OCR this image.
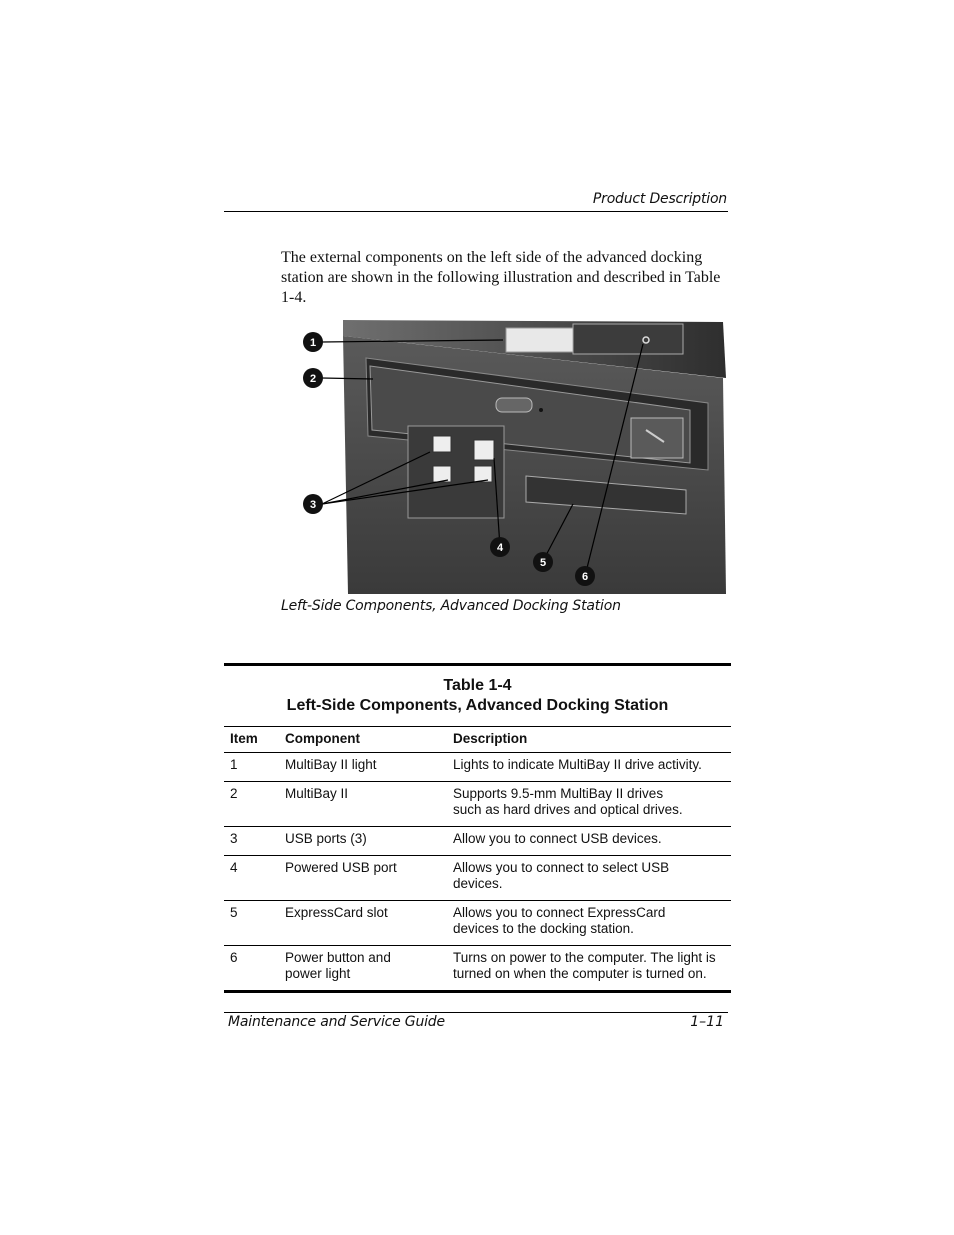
Product Description

The external components on the left side of the advanced docking station are shown in the following illustration and described in Table 1-4.

1
2
3
4
5
6
Left-Side Components, Advanced Docking Station
Table 1-4
Left-Side Components, Advanced Docking Station
Item	Component	Description
1	MultiBay II light	Lights to indicate MultiBay II drive activity.
2	MultiBay II	Supports 9.5-mm MultiBay II drives such as hard drives and optical drives.
3	USB ports (3)	Allow you to connect USB devices.
4	Powered USB port	Allows you to connect to select USB devices.
5	ExpressCard slot	Allows you to connect ExpressCard devices to the docking station.
6	Power button and power light	Turns on power to the computer. The light is turned on when the computer is turned on.
Maintenance and Service Guide	1–11
